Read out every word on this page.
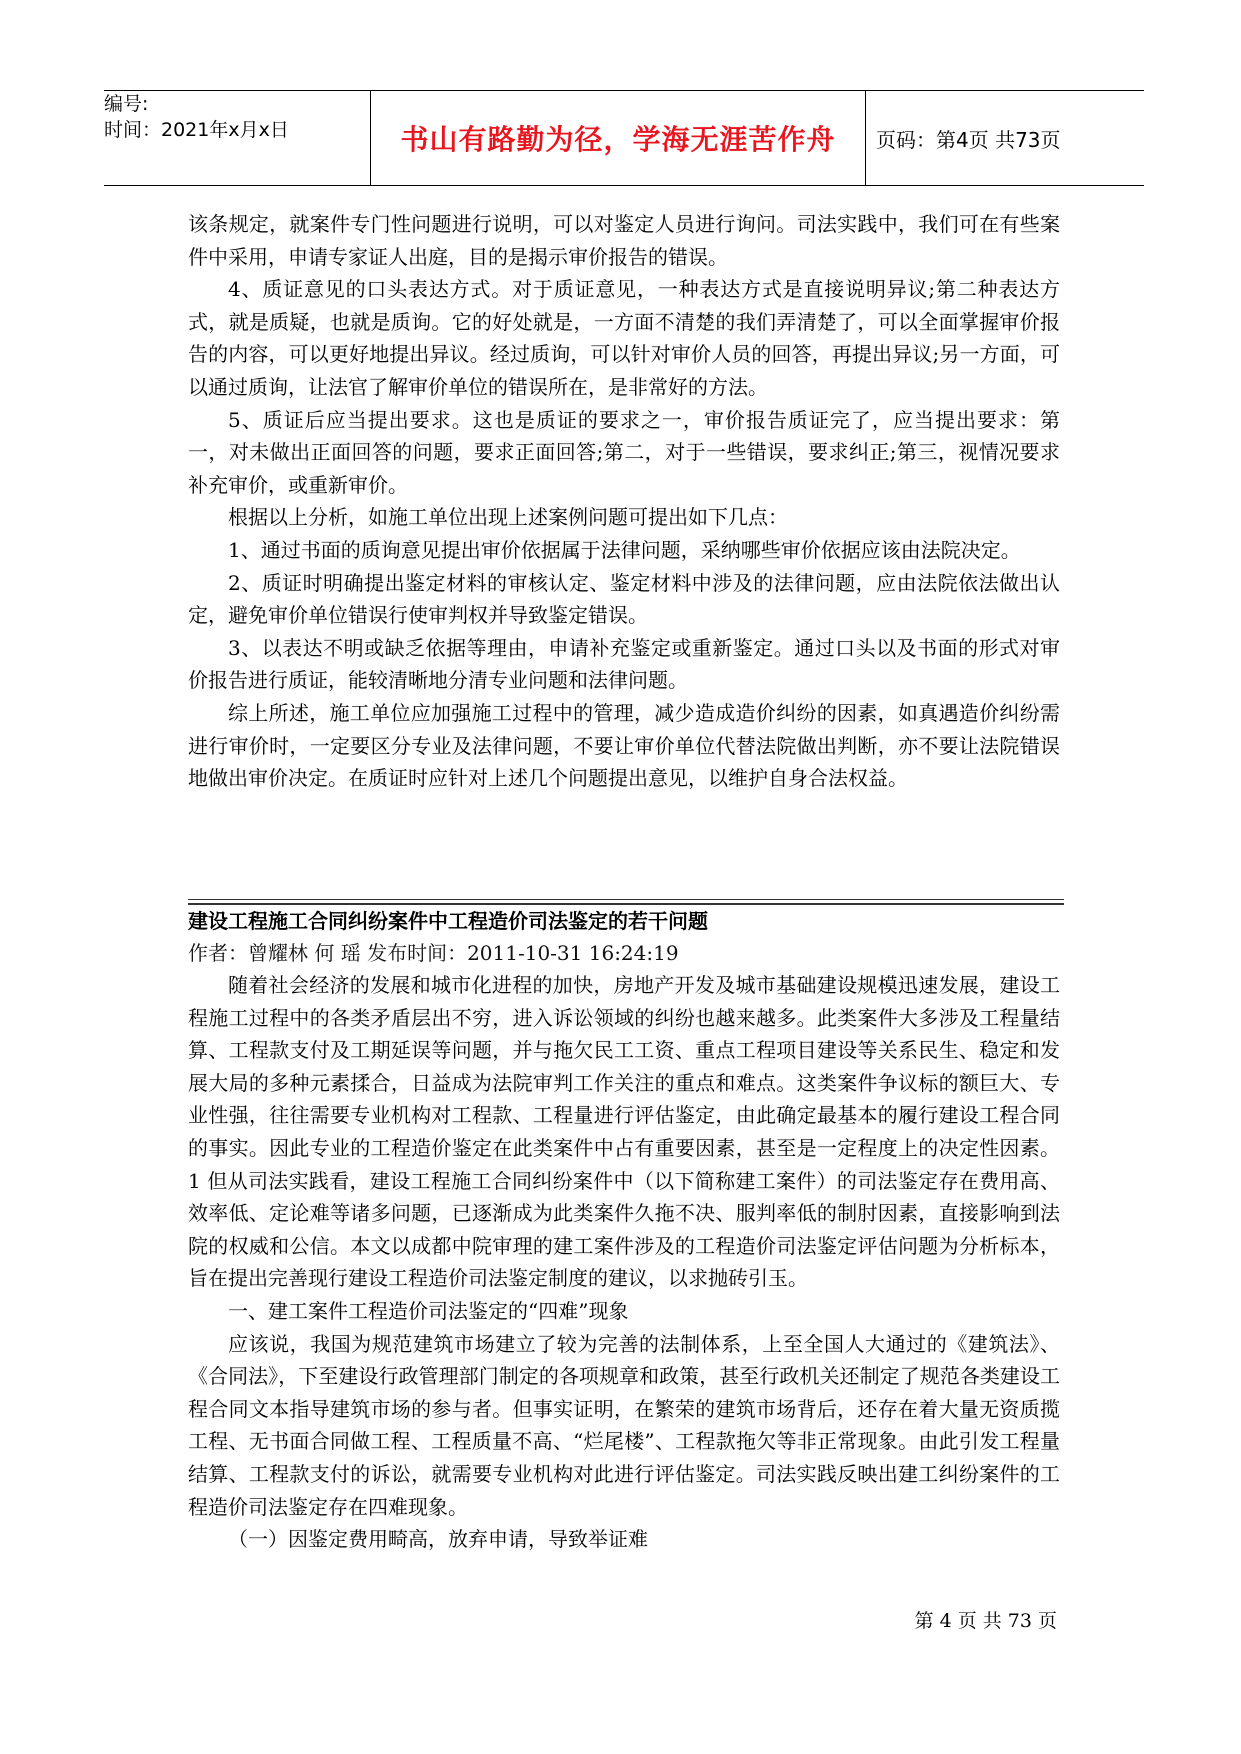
编号:
时间：2021年x月x日	书山有路勤为径，学海无涯苦作舟 页码：第4页 共73页

该条规定，就案件专门性问题进行说明，可以对鉴定人员进行询问。司法实践中，我们可在有些案件中采用，申请专家证人出庭，目的是揭示审价报告的错误。

4、质证意见的口头表达方式。对于质证意见，一种表达方式是直接说明异议;第二种表达方式，就是质疑，也就是质询。它的好处就是，一方面不清楚的我们弄清楚了，可以全面掌握审价报告的内容，可以更好地提出异议。经过质询，可以针对审价人员的回答，再提出异议;另一方面，可以通过质询，让法官了解审价单位的错误所在，是非常好的方法。

5、质证后应当提出要求。这也是质证的要求之一，审价报告质证完了，应当提出要求：第一，对未做出正面回答的问题，要求正面回答;第二，对于一些错误，要求纠正;第三，视情况要求补充审价，或重新审价。

根据以上分析，如施工单位出现上述案例问题可提出如下几点：

1、通过书面的质询意见提出审价依据属于法律问题，采纳哪些审价依据应该由法院决定。

2、质证时明确提出鉴定材料的审核认定、鉴定材料中涉及的法律问题，应由法院依法做出认定，避免审价单位错误行使审判权并导致鉴定错误。

3、以表达不明或缺乏依据等理由，申请补充鉴定或重新鉴定。通过口头以及书面的形式对审价报告进行质证，能较清晰地分清专业问题和法律问题。

综上所述，施工单位应加强施工过程中的管理，减少造成造价纠纷的因素，如真遇造价纠纷需进行审价时，一定要区分专业及法律问题，不要让审价单位代替法院做出判断，亦不要让法院错误地做出审价决定。在质证时应针对上述几个问题提出意见，以维护自身合法权益。

建设工程施工合同纠纷案件中工程造价司法鉴定的若干问题

作者：曾耀林 何 瑶 发布时间：2011-10-31 16:24:19

随着社会经济的发展和城市化进程的加快，房地产开发及城市基础建设规模迅速发展，建设工程施工过程中的各类矛盾层出不穷，进入诉讼领域的纠纷也越来越多。此类案件大多涉及工程量结算、工程款支付及工期延误等问题，并与拖欠民工工资、重点工程项目建设等关系民生、稳定和发展大局的多种元素揉合，日益成为法院审判工作关注的重点和难点。这类案件争议标的额巨大、专业性强，往往需要专业机构对工程款、工程量进行评估鉴定，由此确定最基本的履行建设工程合同的事实。因此专业的工程造价鉴定在此类案件中占有重要因素，甚至是一定程度上的决定性因素。1 但从司法实践看，建设工程施工合同纠纷案件中（以下简称建工案件）的司法鉴定存在费用高、效率低、定论难等诸多问题，已逐渐成为此类案件久拖不决、服判率低的制肘因素，直接影响到法院的权威和公信。本文以成都中院审理的建工案件涉及的工程造价司法鉴定评估问题为分析标本，旨在提出完善现行建设工程造价司法鉴定制度的建议，以求抛砖引玉。

一、建工案件工程造价司法鉴定的“四难”现象

应该说，我国为规范建筑市场建立了较为完善的法制体系，上至全国人大通过的《建筑法》、《合同法》，下至建设行政管理部门制定的各项规章和政策，甚至行政机关还制定了规范各类建设工程合同文本指导建筑市场的参与者。但事实证明，在繁荣的建筑市场背后，还存在着大量无资质揽工程、无书面合同做工程、工程质量不高、“烂尾楼”、工程款拖欠等非正常现象。由此引发工程量结算、工程款支付的诉讼，就需要专业机构对此进行评估鉴定。司法实践反映出建工纠纷案件的工程造价司法鉴定存在四难现象。

（一）因鉴定费用畸高，放弃申请，导致举证难

第 4 页 共 73 页
